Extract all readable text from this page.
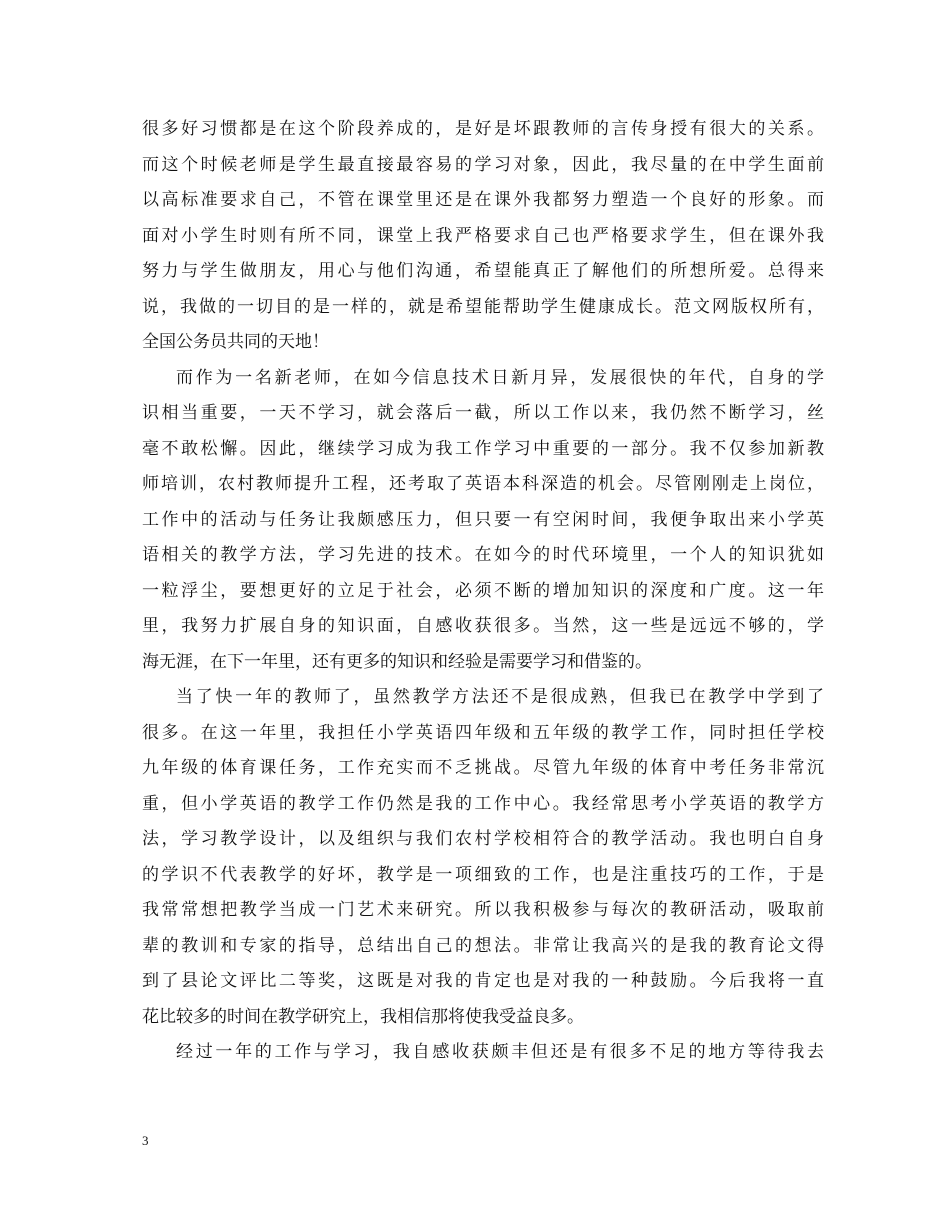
很多好习惯都是在这个阶段养成的，是好是坏跟教师的言传身授有很大的关系。
而这个时候老师是学生最直接最容易的学习对象，因此，我尽量的在中学生面前
以高标准要求自己，不管在课堂里还是在课外我都努力塑造一个良好的形象。而
面对小学生时则有所不同，课堂上我严格要求自己也严格要求学生，但在课外我
努力与学生做朋友，用心与他们沟通，希望能真正了解他们的所想所爱。总得来
说，我做的一切目的是一样的，就是希望能帮助学生健康成长。范文网版权所有，
全国公务员共同的天地！
而作为一名新老师，在如今信息技术日新月异，发展很快的年代，自身的学
识相当重要，一天不学习，就会落后一截，所以工作以来，我仍然不断学习，丝
毫不敢松懈。因此，继续学习成为我工作学习中重要的一部分。我不仅参加新教
师培训，农村教师提升工程，还考取了英语本科深造的机会。尽管刚刚走上岗位，
工作中的活动与任务让我颇感压力，但只要一有空闲时间，我便争取出来小学英
语相关的教学方法，学习先进的技术。在如今的时代环境里，一个人的知识犹如
一粒浮尘，要想更好的立足于社会，必须不断的增加知识的深度和广度。这一年
里，我努力扩展自身的知识面，自感收获很多。当然，这一些是远远不够的，学
海无涯，在下一年里，还有更多的知识和经验是需要学习和借鉴的。
当了快一年的教师了，虽然教学方法还不是很成熟，但我已在教学中学到了
很多。在这一年里，我担任小学英语四年级和五年级的教学工作，同时担任学校
九年级的体育课任务，工作充实而不乏挑战。尽管九年级的体育中考任务非常沉
重，但小学英语的教学工作仍然是我的工作中心。我经常思考小学英语的教学方
法，学习教学设计，以及组织与我们农村学校相符合的教学活动。我也明白自身
的学识不代表教学的好坏，教学是一项细致的工作，也是注重技巧的工作，于是
我常常想把教学当成一门艺术来研究。所以我积极参与每次的教研活动，吸取前
辈的教训和专家的指导，总结出自己的想法。非常让我高兴的是我的教育论文得
到了县论文评比二等奖，这既是对我的肯定也是对我的一种鼓励。今后我将一直
花比较多的时间在教学研究上，我相信那将使我受益良多。
经过一年的工作与学习，我自感收获颇丰但还是有很多不足的地方等待我去
3
